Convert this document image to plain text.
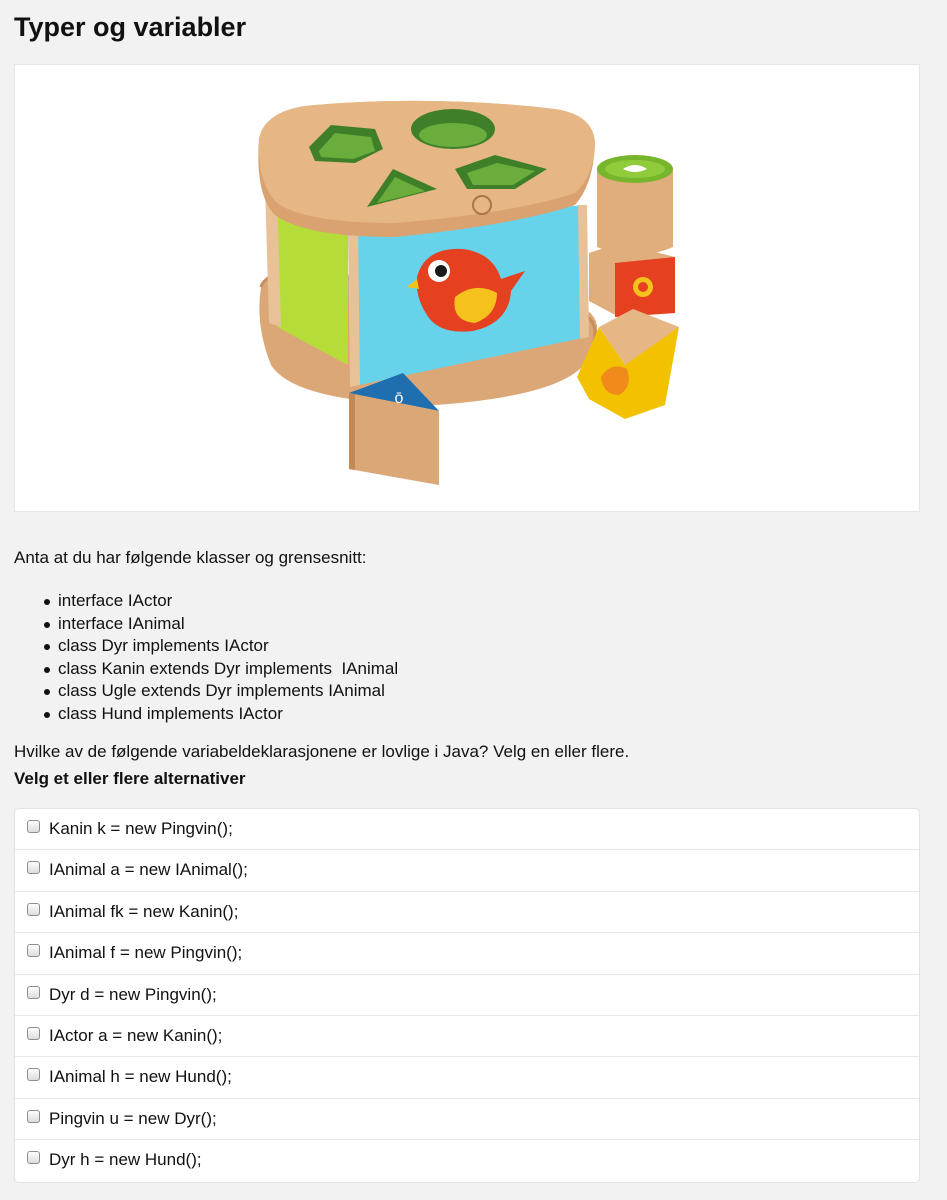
Typer og variabler
ō

Anta at du har følgende klasser og grensesnitt:

interface IActor
interface IAnimal
class Dyr implements IActor
class Kanin extends Dyr implements  IAnimal
class Ugle extends Dyr implements IAnimal
class Hund implements IActor

Hvilke av de følgende variabeldeklarasjonene er lovlige i Java? Velg en eller flere.

Velg et eller flere alternativer

Kanin k = new Pingvin();
IAnimal a = new IAnimal();
IAnimal fk = new Kanin();
IAnimal f = new Pingvin();
Dyr d = new Pingvin();
IActor a = new Kanin();
IAnimal h = new Hund();
Pingvin u = new Dyr();
Dyr h = new Hund();
